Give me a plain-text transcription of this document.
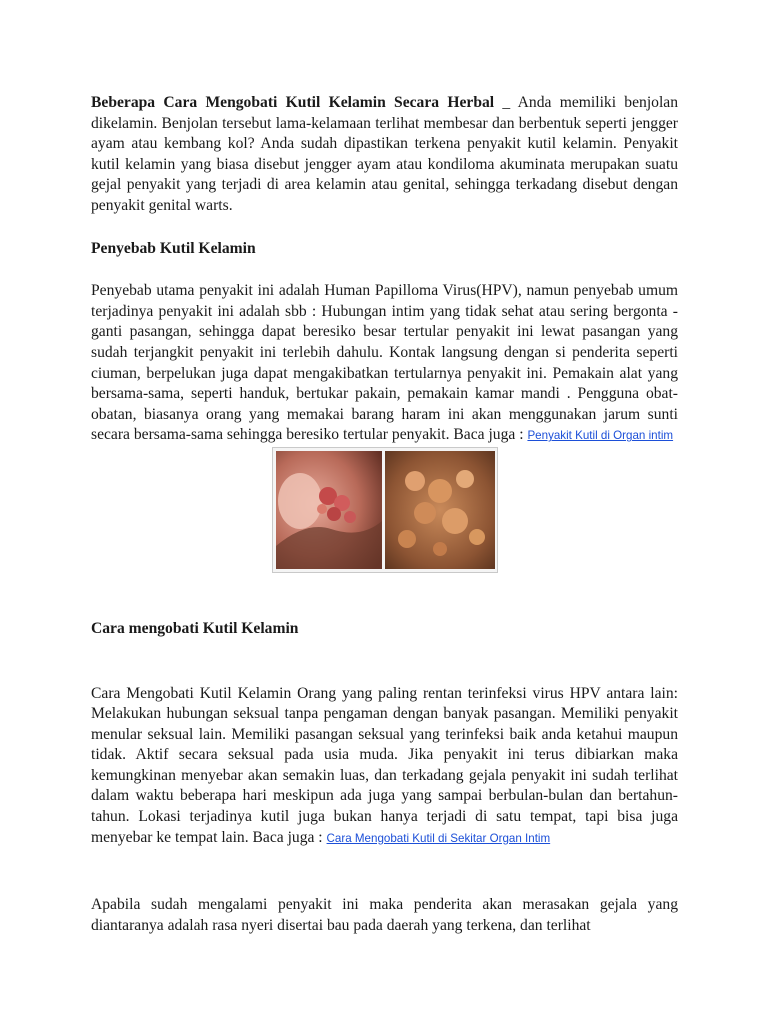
Beberapa Cara Mengobati Kutil Kelamin Secara Herbal _ Anda memiliki benjolan dikelamin. Benjolan tersebut lama-kelamaan terlihat membesar dan berbentuk seperti jengger ayam atau kembang kol? Anda sudah dipastikan terkena penyakit kutil kelamin. Penyakit kutil kelamin yang biasa disebut jengger ayam atau kondiloma akuminata merupakan suatu gejal penyakit yang terjadi di area kelamin atau genital, sehingga terkadang disebut dengan penyakit genital warts.

Penyebab Kutil Kelamin

Penyebab utama penyakit ini adalah Human Papilloma Virus(HPV), namun penyebab umum terjadinya penyakit ini adalah sbb : Hubungan intim yang tidak sehat atau sering bergonta - ganti pasangan, sehingga dapat beresiko besar tertular penyakit ini lewat pasangan yang sudah terjangkit penyakit ini terlebih dahulu. Kontak langsung dengan si penderita seperti ciuman, berpelukan juga dapat mengakibatkan tertularnya penyakit ini. Pemakain alat yang bersama-sama, seperti handuk, bertukar pakain, pemakain kamar mandi . Pengguna obat-obatan, biasanya orang yang memakai barang haram ini akan menggunakan jarum sunti secara bersama-sama sehingga beresiko tertular penyakit. Baca juga : Penyakit Kutil di Organ intim

Cara mengobati Kutil Kelamin

Cara Mengobati Kutil Kelamin Orang yang paling rentan terinfeksi virus HPV antara lain: Melakukan hubungan seksual tanpa pengaman dengan banyak pasangan. Memiliki penyakit menular seksual lain. Memiliki pasangan seksual yang terinfeksi baik anda ketahui maupun tidak. Aktif secara seksual pada usia muda. Jika penyakit ini terus dibiarkan maka kemungkinan menyebar akan semakin luas, dan terkadang gejala penyakit ini sudah terlihat dalam waktu beberapa hari meskipun ada juga yang sampai berbulan-bulan dan bertahun-tahun. Lokasi terjadinya kutil juga bukan hanya terjadi di satu tempat, tapi bisa juga menyebar ke tempat lain. Baca juga : Cara Mengobati Kutil di Sekitar Organ Intim

Apabila sudah mengalami penyakit ini maka penderita akan merasakan gejala yang diantaranya adalah rasa nyeri disertai bau pada daerah yang terkena, dan terlihat
